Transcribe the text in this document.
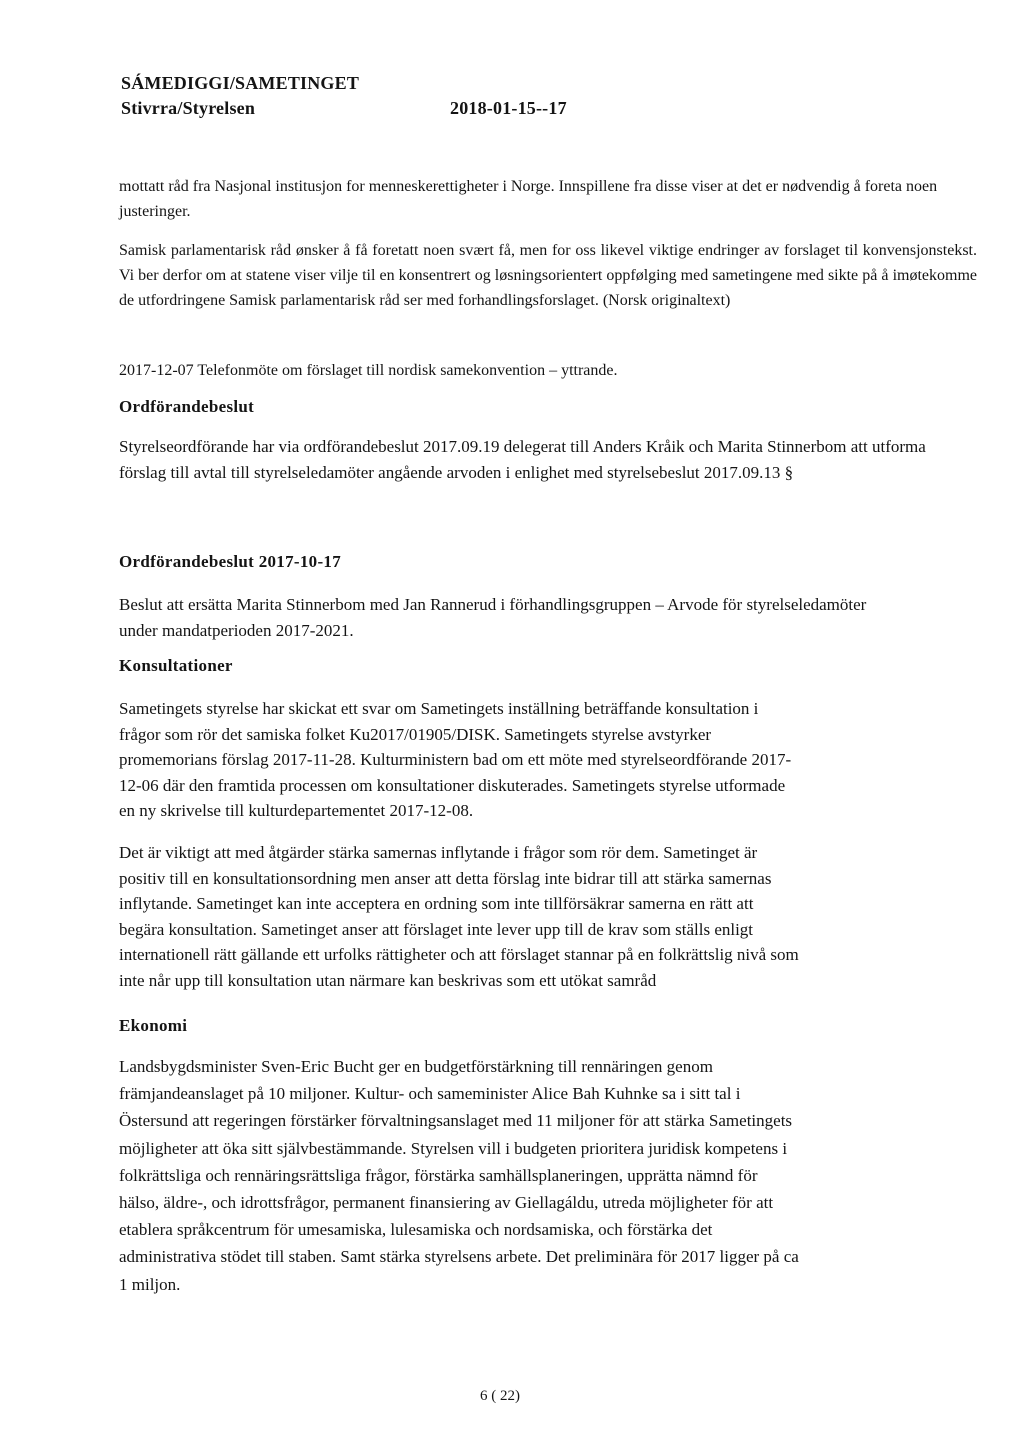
SÁMEDIGGI/SAMETINGET
Stivrra/Styrelsen	2018-01-15--17

mottatt råd fra Nasjonal institusjon for menneskerettigheter i Norge. Innspillene fra disse viser at det er nødvendig å foreta noen justeringer.

Samisk parlamentarisk råd ønsker å få foretatt noen svært få, men for oss likevel viktige endringer av forslaget til konvensjonstekst. Vi ber derfor om at statene viser vilje til en konsentrert og løsningsorientert oppfølging med sametingene med sikte på å imøtekomme de utfordringene Samisk parlamentarisk råd ser med forhandlingsforslaget. (Norsk originaltext)

2017-12-07 Telefonmöte om förslaget till nordisk samekonvention – yttrande.

Ordförandebeslut

Styrelseordförande har via ordförandebeslut 2017.09.19 delegerat till Anders Kråik och Marita Stinnerbom att utforma förslag till avtal till styrelseledamöter angående arvoden i enlighet med styrelsebeslut 2017.09.13 §

Ordförandebeslut 2017-10-17

Beslut att ersätta Marita Stinnerbom med Jan Rannerud i förhandlingsgruppen – Arvode för styrelseledamöter under mandatperioden 2017-2021.

Konsultationer
Sametingets styrelse har skickat ett svar om Sametingets inställning beträffande konsultation i
frågor som rör det samiska folket Ku2017/01905/DISK. Sametingets styrelse avstyrker
promemorians förslag 2017-11-28. Kulturministern bad om ett möte med styrelseordförande 2017-
12-06 där den framtida processen om konsultationer diskuterades. Sametingets styrelse utformade
en ny skrivelse till kulturdepartementet 2017-12-08.
Det är viktigt att med åtgärder stärka samernas inflytande i frågor som rör dem. Sametinget är
positiv till en konsultationsordning men anser att detta förslag inte bidrar till att stärka samernas
inflytande. Sametinget kan inte acceptera en ordning som inte tillförsäkrar samerna en rätt att
begära konsultation. Sametinget anser att förslaget inte lever upp till de krav som ställs enligt
internationell rätt gällande ett urfolks rättigheter och att förslaget stannar på en folkrättslig nivå som
inte når upp till konsultation utan närmare kan beskrivas som ett utökat samråd
Ekonomi
Landsbygdsminister Sven-Eric Bucht ger en budgetförstärkning till rennäringen genom
främjandeanslaget på 10 miljoner. Kultur- och sameminister Alice Bah Kuhnke sa i sitt tal i
Östersund att regeringen förstärker förvaltningsanslaget med 11 miljoner för att stärka Sametingets
möjligheter att öka sitt självbestämmande. Styrelsen vill i budgeten prioritera juridisk kompetens i
folkrättsliga och rennäringsrättsliga frågor, förstärka samhällsplaneringen, upprätta nämnd för
hälso, äldre-, och idrottsfrågor, permanent finansiering av Giellagáldu, utreda möjligheter för att
etablera språkcentrum för umesamiska, lulesamiska och nordsamiska, och förstärka det
administrativa stödet till staben. Samt stärka styrelsens arbete. Det preliminära för 2017 ligger på ca
1 miljon.
6 ( 22)
